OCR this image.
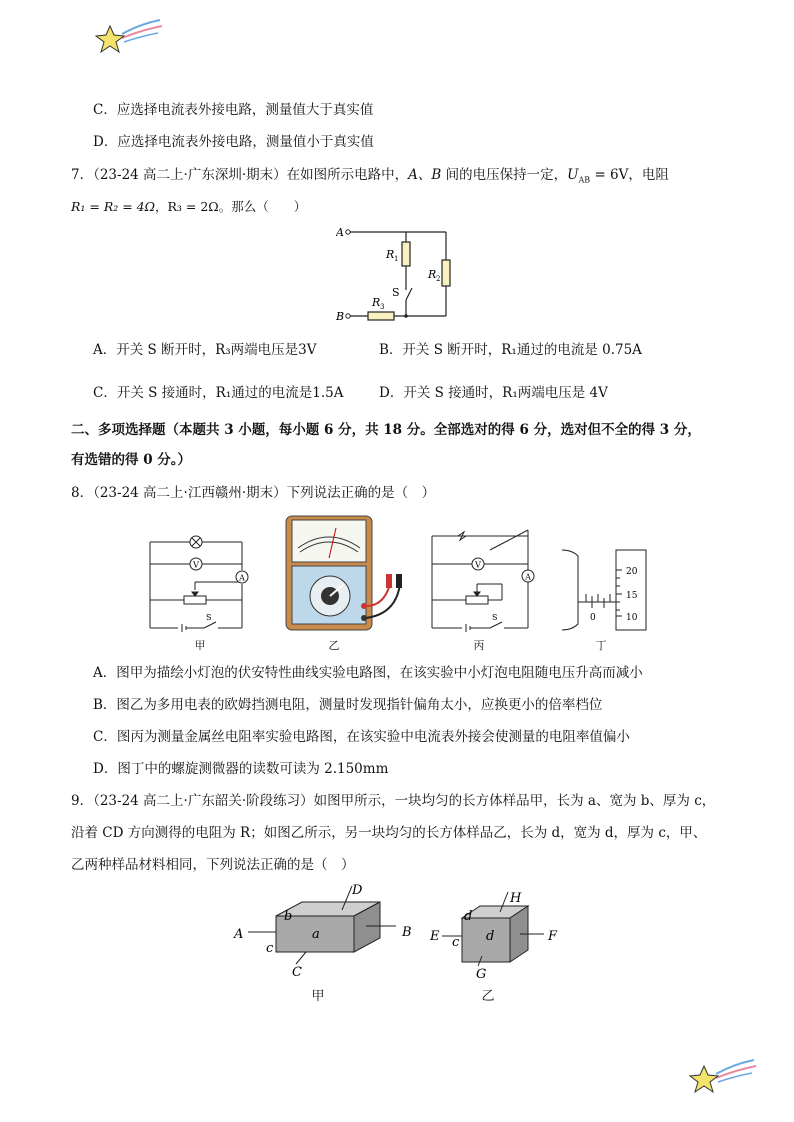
C．应选择电流表外接电路，测量值大于真实值
D．应选择电流表外接电路，测量值小于真实值
7．（23-24 高二上·广东深圳·期末）在如图所示电路中，A、B 间的电压保持一定，$U_{AB} = 6V$，电阻
R₁ = R₂ = 4Ω，R₃ = 2Ω。那么（　　）
A
B
R 1
R 2
R 3
S
A．开关 S 断开时，R₃两端电压是3V	B．开关 S 断开时，R₁通过的电流是 0.75A
C．开关 S 接通时，R₁通过的电流是1.5A	D．开关 S 接通时，R₁两端电压是 4V
二、多项选择题（本题共 3 小题，每小题 6 分，共 18 分。全部选对的得 6 分，选对但不全的得 3 分，
有选错的得 0 分。）
8．（23-24 高二上·江西赣州·期末）下列说法正确的是（　）
V
A
S
甲	乙
V
A
S
丙
20
15
10
0
丁
A．图甲为描绘小灯泡的伏安特性曲线实验电路图，在该实验中小灯泡电阻随电压升高而减小
B．图乙为多用电表的欧姆挡测电阻，测量时发现指针偏角太小，应换更小的倍率档位
C．图丙为测量金属丝电阻率实验电路图，在该实验中电流表外接会使测量的电阻率值偏小
D．图丁中的螺旋测微器的读数可读为 2.150mm
9．（23-24 高二上·广东韶关·阶段练习）如图甲所示，一块均匀的长方体样品甲，长为 a、宽为 b、厚为 c，
沿着 CD 方向测得的电阻为 R；如图乙所示，另一块均匀的长方体样品乙，长为 d，宽为 d，厚为 c，甲、
乙两种样品材料相同，下列说法正确的是（　）
A	B
C
D
a
b
c
甲
E	F
G
H
d
d
c
乙
